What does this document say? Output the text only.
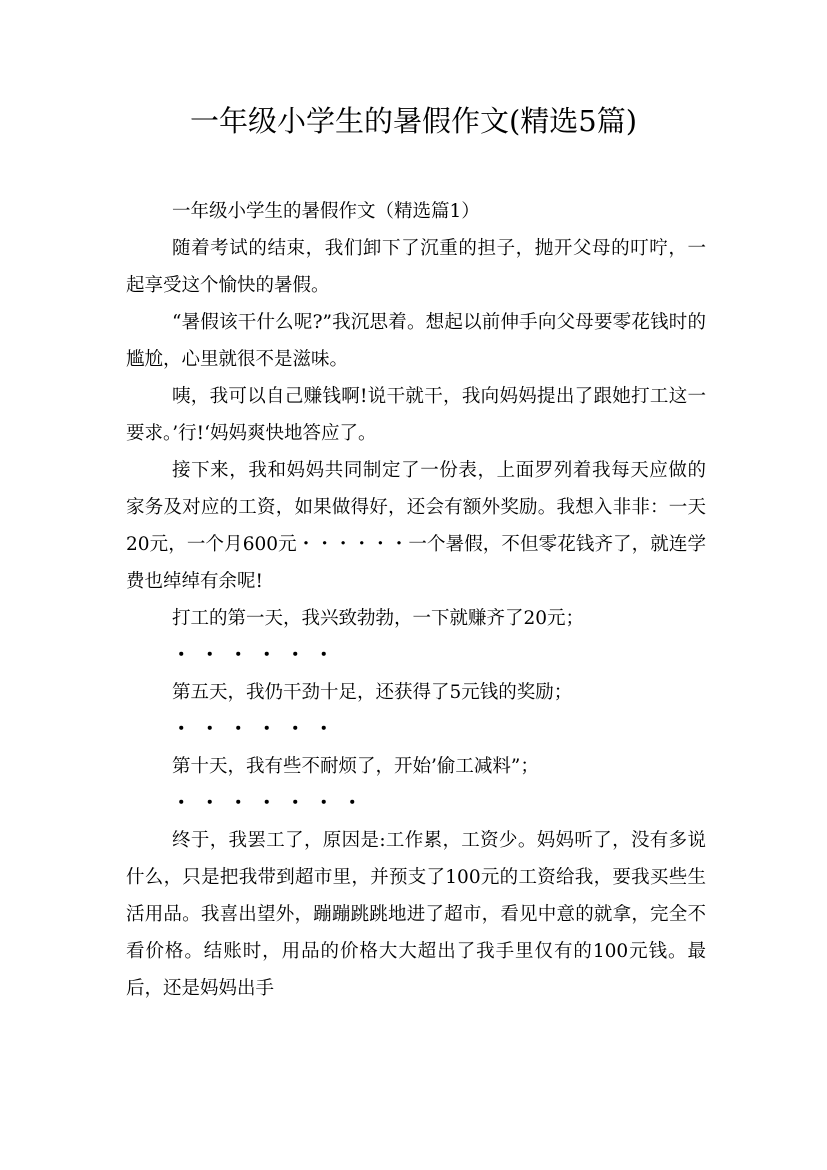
一年级小学生的暑假作文(精选5篇)

一年级小学生的暑假作文（精选篇1）

随着考试的结束，我们卸下了沉重的担子，抛开父母的叮咛，一起享受这个愉快的暑假。

“暑假该干什么呢?”我沉思着。想起以前伸手向父母要零花钱时的尴尬，心里就很不是滋味。

咦，我可以自己赚钱啊!说干就干，我向妈妈提出了跟她打工这一要求。’行!‘妈妈爽快地答应了。

接下来，我和妈妈共同制定了一份表，上面罗列着我每天应做的家务及对应的工资，如果做得好，还会有额外奖励。我想入非非：一天20元，一个月600元・・・・・・一个暑假，不但零花钱齐了，就连学费也绰绰有余呢!

打工的第一天，我兴致勃勃，一下就赚齐了20元；

・・・・・・

第五天，我仍干劲十足，还获得了5元钱的奖励；

・・・・・・

第十天，我有些不耐烦了，开始’偷工减料”；

・・・・・・・

终于，我罢工了，原因是:工作累，工资少。妈妈听了，没有多说什么，只是把我带到超市里，并预支了100元的工资给我，要我买些生活用品。我喜出望外，蹦蹦跳跳地进了超市，看见中意的就拿，完全不看价格。结账时，用品的价格大大超出了我手里仅有的100元钱。最后，还是妈妈出手
